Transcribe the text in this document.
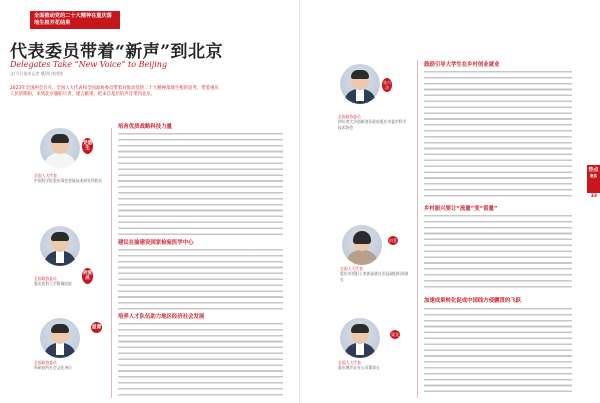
全面推动党的二十大精神在重庆落地生根开花结果
代表委员带着“新声”到北京
Delegates Take “New Voice” to Beijing
文/今日重庆记者 摄/图 图图图
2023年全国两会召开，全国人大代表和全国政协委员带着对推动党的二十大精神落地生根的思考，带着重庆人民的期盼，来到北京履职尽责，建言献策，把来自基层的声音带到北京。
党德生
全国人大代表
中国科学院重庆绿色智能技术研究所院长
府爱成
全国政协委员
重庆医科大学附属医院
温谦
全国政协委员
科研院所社会文化单位
培育优质战略科技力量
建议在渝建设国家检验医学中心
培养人才队伍助力地区经济社会发展
张兴涛
全国政协委员
四川省大学创新创业政府重庆市委市科学技术协会
冉菲
全国人大代表
重庆市酉阳土家族苗族自治县副组织部部长
梁龙
全国人大代表
重庆城乡农业公司董事长
鼓励引导大学生在乡村创业就业
乡村振兴要让“流量”变“留量”
加速成果转化促成中国线方侵鹏贯的飞跃
热点
聚焦
33
